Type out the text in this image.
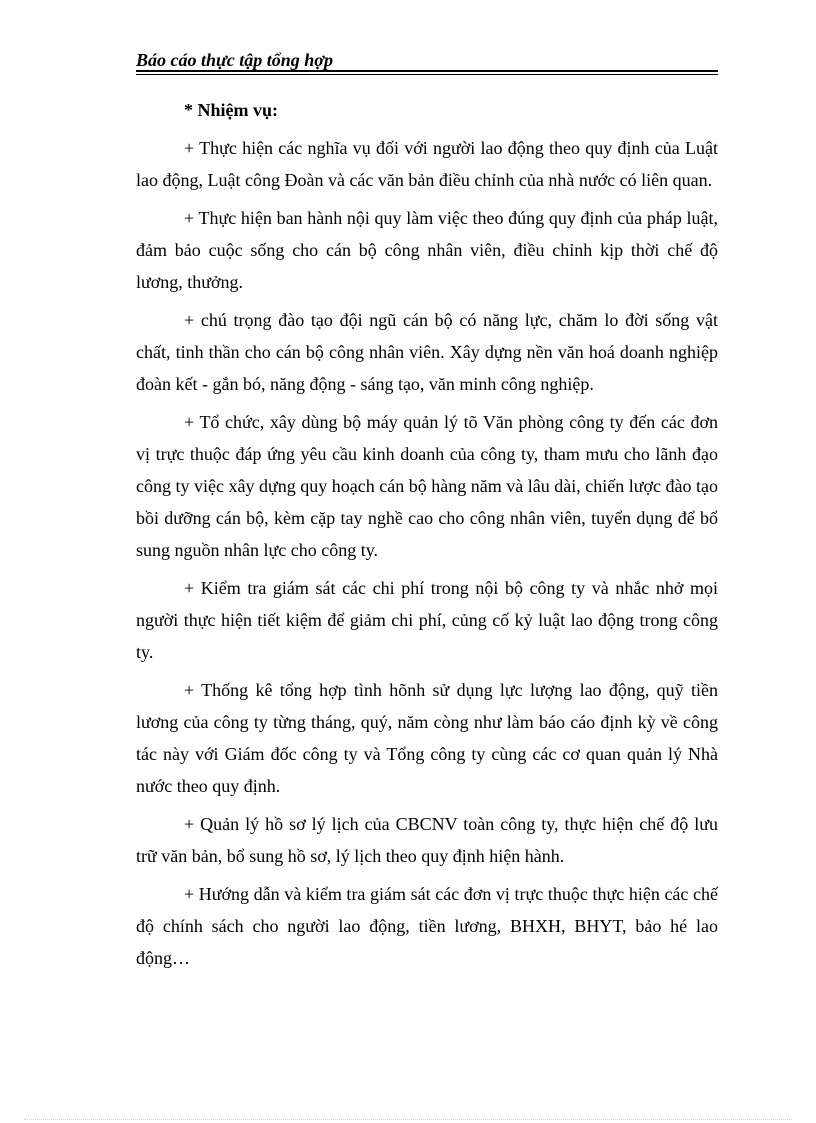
Báo cáo thực tập tổng hợp

* Nhiệm vụ:

+ Thực hiện các nghĩa vụ đối với người lao động theo quy định của Luật lao động, Luật công Đoàn và các văn bản điều chỉnh của nhà nước có liên quan.

+ Thực hiện ban hành nội quy làm việc theo đúng quy định của pháp luật, đảm bảo cuộc sống cho cán bộ công nhân viên, điều chỉnh kịp thời chế độ lương, thưởng.

+ chú trọng đào tạo đội ngũ cán bộ có năng lực, chăm lo đời sống vật chất, tinh thần cho cán bộ công nhân viên. Xây dựng nền văn hoá doanh nghiệp đoàn kết - gắn bó, năng động - sáng tạo, văn minh công nghiệp.

+ Tổ chức, xây dùng bộ máy quản lý tõ Văn phòng công ty đến các đơn vị trực thuộc đáp ứng yêu cầu kinh doanh của công ty, tham mưu cho lãnh đạo công ty việc xây dựng quy hoạch cán bộ hàng năm và lâu dài, chiến lược đào tạo bồi dưỡng cán bộ, kèm cặp tay nghề cao cho công nhân viên, tuyển dụng để bổ sung nguồn nhân lực cho công ty.

+ Kiểm tra giám sát các chi phí trong nội bộ công ty và nhắc nhở mọi người thực hiện tiết kiệm để giảm chi phí, củng cố kỷ luật lao động trong công ty.

+ Thống kê tổng hợp tình hõnh sử dụng lực lượng lao động, quỹ tiền lương của công ty từng tháng, quý, năm còng như làm báo cáo định kỳ về công tác này với Giám đốc công ty và Tổng công ty cùng các cơ quan quản lý Nhà nước theo quy định.

+ Quản lý hồ sơ lý lịch của CBCNV toàn công ty, thực hiện chế độ lưu trữ văn bản, bổ sung hồ sơ, lý lịch theo quy định hiện hành.

+ Hướng dẫn và kiểm tra giám sát các đơn vị trực thuộc thực hiện các chế độ chính sách cho người lao động, tiền lương, BHXH, BHYT, bảo hé lao động…
